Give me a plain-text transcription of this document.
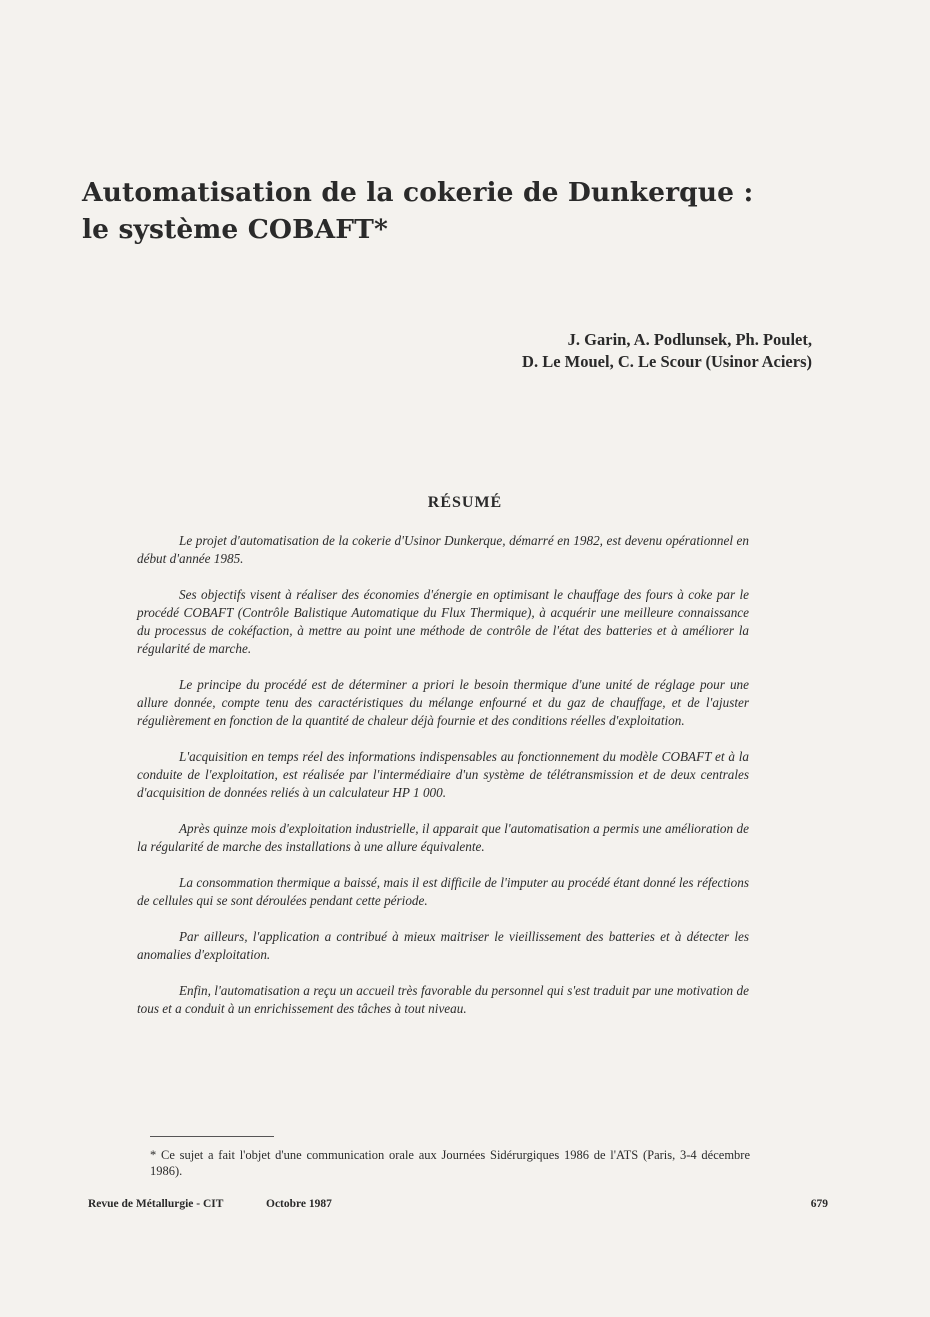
Automatisation de la cokerie de Dunkerque :
le système COBAFT*
J. Garin, A. Podlunsek, Ph. Poulet,
D. Le Mouel, C. Le Scour (Usinor Aciers)
RÉSUMÉ

Le projet d'automatisation de la cokerie d'Usinor Dunkerque, démarré en 1982, est devenu opérationnel en début d'année 1985.

Ses objectifs visent à réaliser des économies d'énergie en optimisant le chauffage des fours à coke par le procédé COBAFT (Contrôle Balistique Automatique du Flux Thermique), à acquérir une meilleure connaissance du processus de cokéfaction, à mettre au point une méthode de contrôle de l'état des batteries et à améliorer la régularité de marche.

Le principe du procédé est de déterminer a priori le besoin thermique d'une unité de réglage pour une allure donnée, compte tenu des caractéristiques du mélange enfourné et du gaz de chauffage, et de l'ajuster régulièrement en fonction de la quantité de chaleur déjà fournie et des conditions réelles d'exploitation.

L'acquisition en temps réel des informations indispensables au fonctionnement du modèle COBAFT et à la conduite de l'exploitation, est réalisée par l'intermédiaire d'un système de télétransmission et de deux centrales d'acquisition de données reliés à un calculateur HP 1 000.

Après quinze mois d'exploitation industrielle, il apparait que l'automatisation a permis une amélioration de la régularité de marche des installations à une allure équivalente.

La consommation thermique a baissé, mais il est difficile de l'imputer au procédé étant donné les réfections de cellules qui se sont déroulées pendant cette période.

Par ailleurs, l'application a contribué à mieux maitriser le vieillissement des batteries et à détecter les anomalies d'exploitation.

Enfin, l'automatisation a reçu un accueil très favorable du personnel qui s'est traduit par une motivation de tous et a conduit à un enrichissement des tâches à tout niveau.

* Ce sujet a fait l'objet d'une communication orale aux Journées Sidérurgiques 1986 de l'ATS (Paris, 3-4 décembre 1986).
Revue de Métallurgie - CIT	Octobre 1987	679
